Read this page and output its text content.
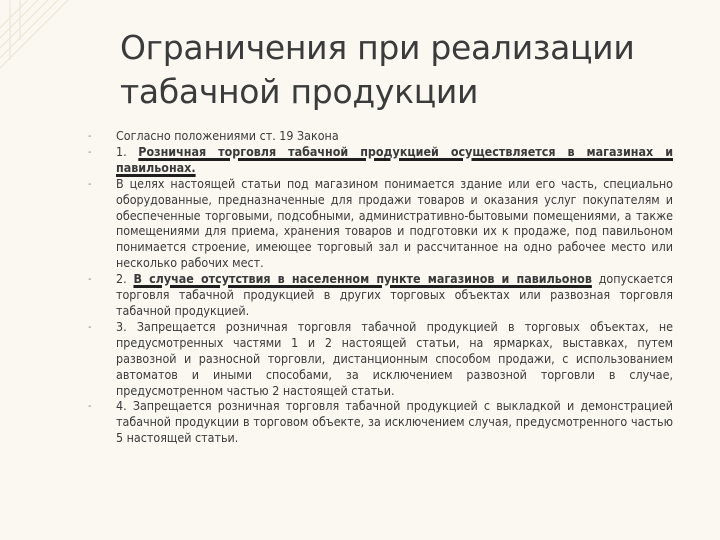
Ограничения при реализации табачной продукции
-	Согласно положениями ст. 19 Закона
-	1. Розничная торговля табачной продукцией осуществляется в магазинах и павильонах.
-	В целях настоящей статьи под магазином понимается здание или его часть, специально оборудованные, предназначенные для продажи товаров и оказания услуг покупателям и обеспеченные торговыми, подсобными, административно-бытовыми помещениями, а также помещениями для приема, хранения товаров и подготовки их к продаже, под павильоном понимается строение, имеющее торговый зал и рассчитанное на одно рабочее место или несколько рабочих мест.
-	2. В случае отсутствия в населенном пункте магазинов и павильонов допускается торговля табачной продукцией в других торговых объектах или развозная торговля табачной продукцией.
-	3. Запрещается розничная торговля табачной продукцией в торговых объектах, не предусмотренных частями 1 и 2 настоящей статьи, на ярмарках, выставках, путем развозной и разносной торговли, дистанционным способом продажи, с использованием автоматов и иными способами, за исключением развозной торговли в случае, предусмотренном частью 2 настоящей статьи.
-	4. Запрещается розничная торговля табачной продукцией с выкладкой и демонстрацией табачной продукции в торговом объекте, за исключением случая, предусмотренного частью 5 настоящей статьи.
